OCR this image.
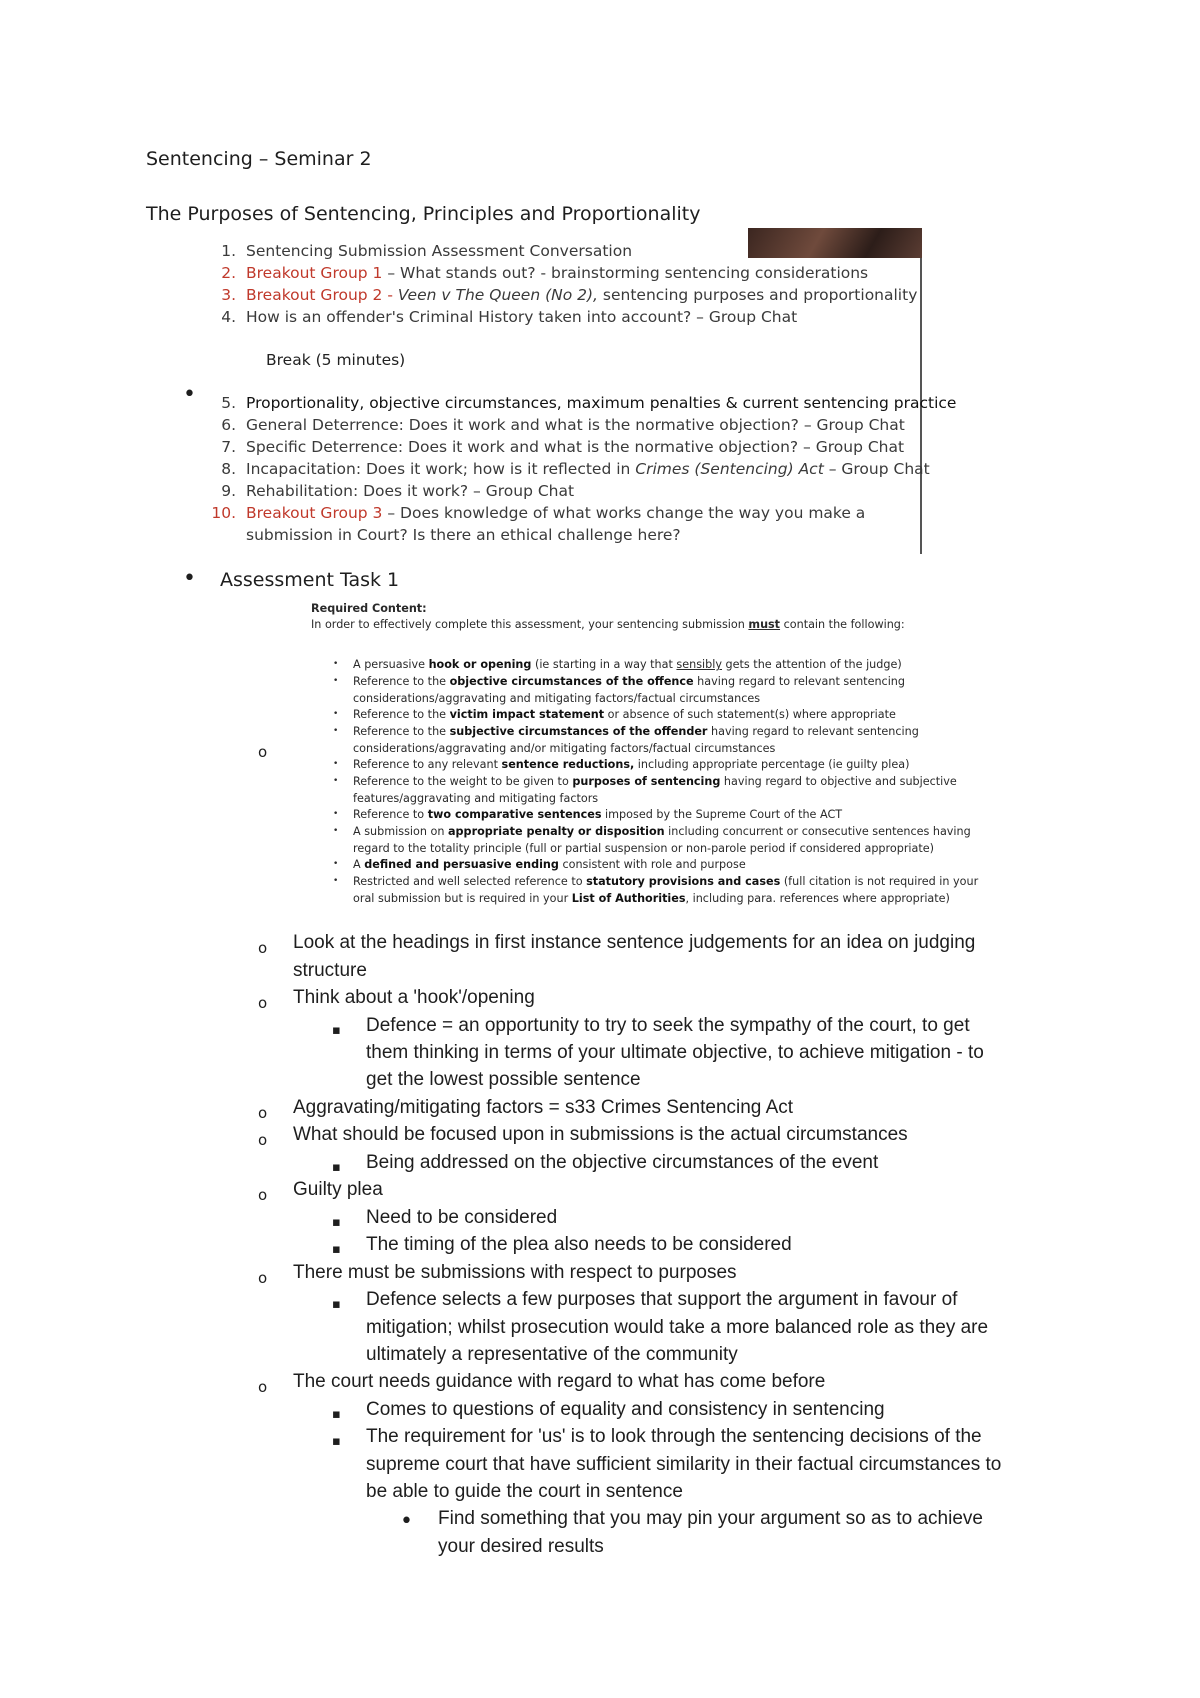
Sentencing – Seminar 2
The Purposes of Sentencing, Principles and Proportionality
•
1. Sentencing Submission Assessment Conversation
2. Breakout Group 1 – What stands out? - brainstorming sentencing considerations
3. Breakout Group 2 - Veen v The Queen (No 2), sentencing purposes and proportionality
4. How is an offender's Criminal History taken into account? – Group Chat
Break (5 minutes)
5. Proportionality, objective circumstances, maximum penalties & current sentencing practice
6. General Deterrence: Does it work and what is the normative objection? – Group Chat
7. Specific Deterrence: Does it work and what is the normative objection? – Group Chat
8. Incapacitation: Does it work; how is it reflected in Crimes (Sentencing) Act – Group Chat
9. Rehabilitation: Does it work? – Group Chat
10. Breakout Group 3 – Does knowledge of what works change the way you make a
submission in Court? Is there an ethical challenge here?
• Assessment Task 1
o
Required Content:
In order to effectively complete this assessment, your sentencing submission must contain the following:
• A persuasive hook or opening (ie starting in a way that sensibly gets the attention of the judge)
• Reference to the objective circumstances of the offence having regard to relevant sentencing
considerations/aggravating and mitigating factors/factual circumstances
• Reference to the victim impact statement or absence of such statement(s) where appropriate
• Reference to the subjective circumstances of the offender having regard to relevant sentencing
considerations/aggravating and/or mitigating factors/factual circumstances
• Reference to any relevant sentence reductions, including appropriate percentage (ie guilty plea)
• Reference to the weight to be given to purposes of sentencing having regard to objective and subjective
features/aggravating and mitigating factors
• Reference to two comparative sentences imposed by the Supreme Court of the ACT
• A submission on appropriate penalty or disposition including concurrent or consecutive sentences having
regard to the totality principle (full or partial suspension or non-parole period if considered appropriate)
• A defined and persuasive ending consistent with role and purpose
• Restricted and well selected reference to statutory provisions and cases (full citation is not required in your
oral submission but is required in your List of Authorities, including para. references where appropriate)
o Look at the headings in first instance sentence judgements for an idea on judging
structure
o Think about a 'hook'/opening
▪ Defence = an opportunity to try to seek the sympathy of the court, to get
them thinking in terms of your ultimate objective, to achieve mitigation - to
get the lowest possible sentence
o Aggravating/mitigating factors = s33 Crimes Sentencing Act
o What should be focused upon in submissions is the actual circumstances
▪ Being addressed on the objective circumstances of the event
o Guilty plea
▪ Need to be considered
▪ The timing of the plea also needs to be considered
o There must be submissions with respect to purposes
▪ Defence selects a few purposes that support the argument in favour of
mitigation; whilst prosecution would take a more balanced role as they are
ultimately a representative of the community
o The court needs guidance with regard to what has come before
▪ Comes to questions of equality and consistency in sentencing
▪ The requirement for 'us' is to look through the sentencing decisions of the
supreme court that have sufficient similarity in their factual circumstances to
be able to guide the court in sentence
• Find something that you may pin your argument so as to achieve
your desired results
